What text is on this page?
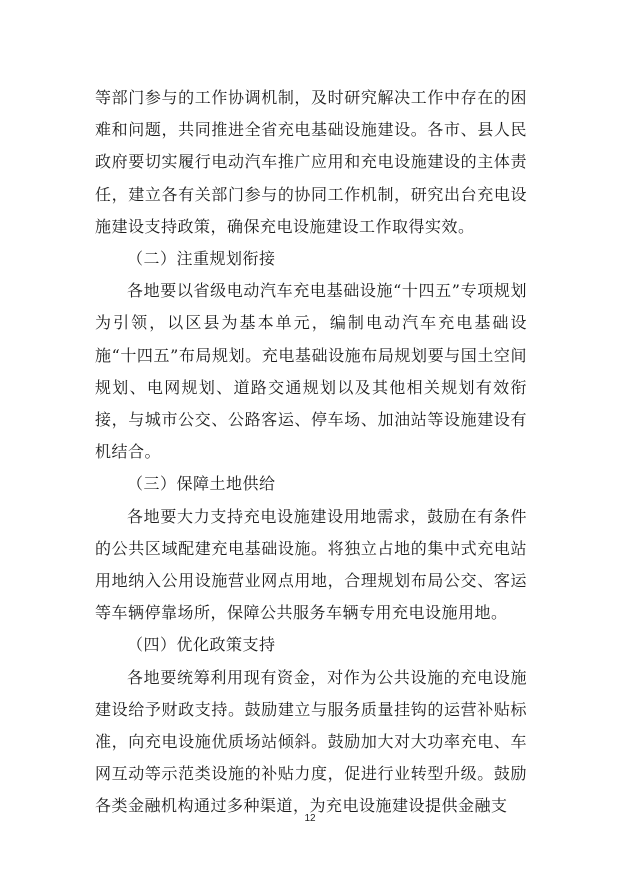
等部门参与的工作协调机制，及时研究解决工作中存在的困难和问题，共同推进全省充电基础设施建设。各市、县人民政府要切实履行电动汽车推广应用和充电设施建设的主体责任，建立各有关部门参与的协同工作机制，研究出台充电设施建设支持政策，确保充电设施建设工作取得实效。

（二）注重规划衔接

各地要以省级电动汽车充电基础设施“十四五”专项规划为引领，以区县为基本单元，编制电动汽车充电基础设施“十四五”布局规划。充电基础设施布局规划要与国土空间规划、电网规划、道路交通规划以及其他相关规划有效衔接，与城市公交、公路客运、停车场、加油站等设施建设有机结合。

（三）保障土地供给

各地要大力支持充电设施建设用地需求，鼓励在有条件的公共区域配建充电基础设施。将独立占地的集中式充电站用地纳入公用设施营业网点用地，合理规划布局公交、客运等车辆停靠场所，保障公共服务车辆专用充电设施用地。

（四）优化政策支持

各地要统筹利用现有资金，对作为公共设施的充电设施建设给予财政支持。鼓励建立与服务质量挂钩的运营补贴标准，向充电设施优质场站倾斜。鼓励加大对大功率充电、车网互动等示范类设施的补贴力度，促进行业转型升级。鼓励各类金融机构通过多种渠道，为充电设施建设提供金融支

12
